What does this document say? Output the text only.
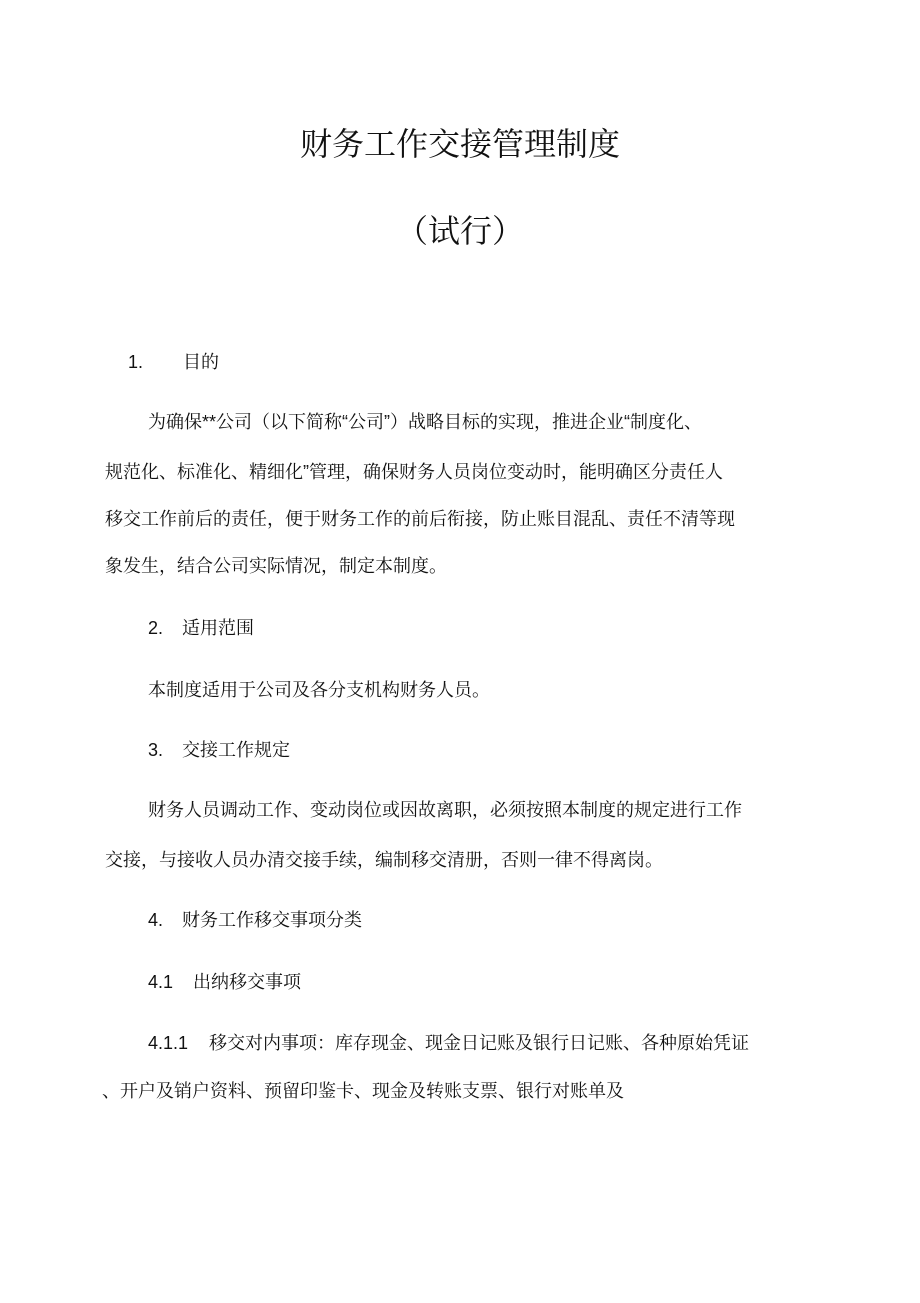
财务工作交接管理制度
（试行）
1. 目的
为确保**公司（以下简称“公司”）战略目标的实现，推进企业“制度化、
规范化、标准化、精细化”管理，确保财务人员岗位变动时，能明确区分责任人
移交工作前后的责任，便于财务工作的前后衔接，防止账目混乱、责任不清等现
象发生，结合公司实际情况，制定本制度。
2. 适用范围
本制度适用于公司及各分支机构财务人员。
3. 交接工作规定
财务人员调动工作、变动岗位或因故离职，必须按照本制度的规定进行工作
交接，与接收人员办清交接手续，编制移交清册，否则一律不得离岗。
4. 财务工作移交事项分类
4.1 出纳移交事项
4.1.1 移交对内事项：库存现金、现金日记账及银行日记账、各种原始凭证
、开户及销户资料、预留印鉴卡、现金及转账支票、银行对账单及
